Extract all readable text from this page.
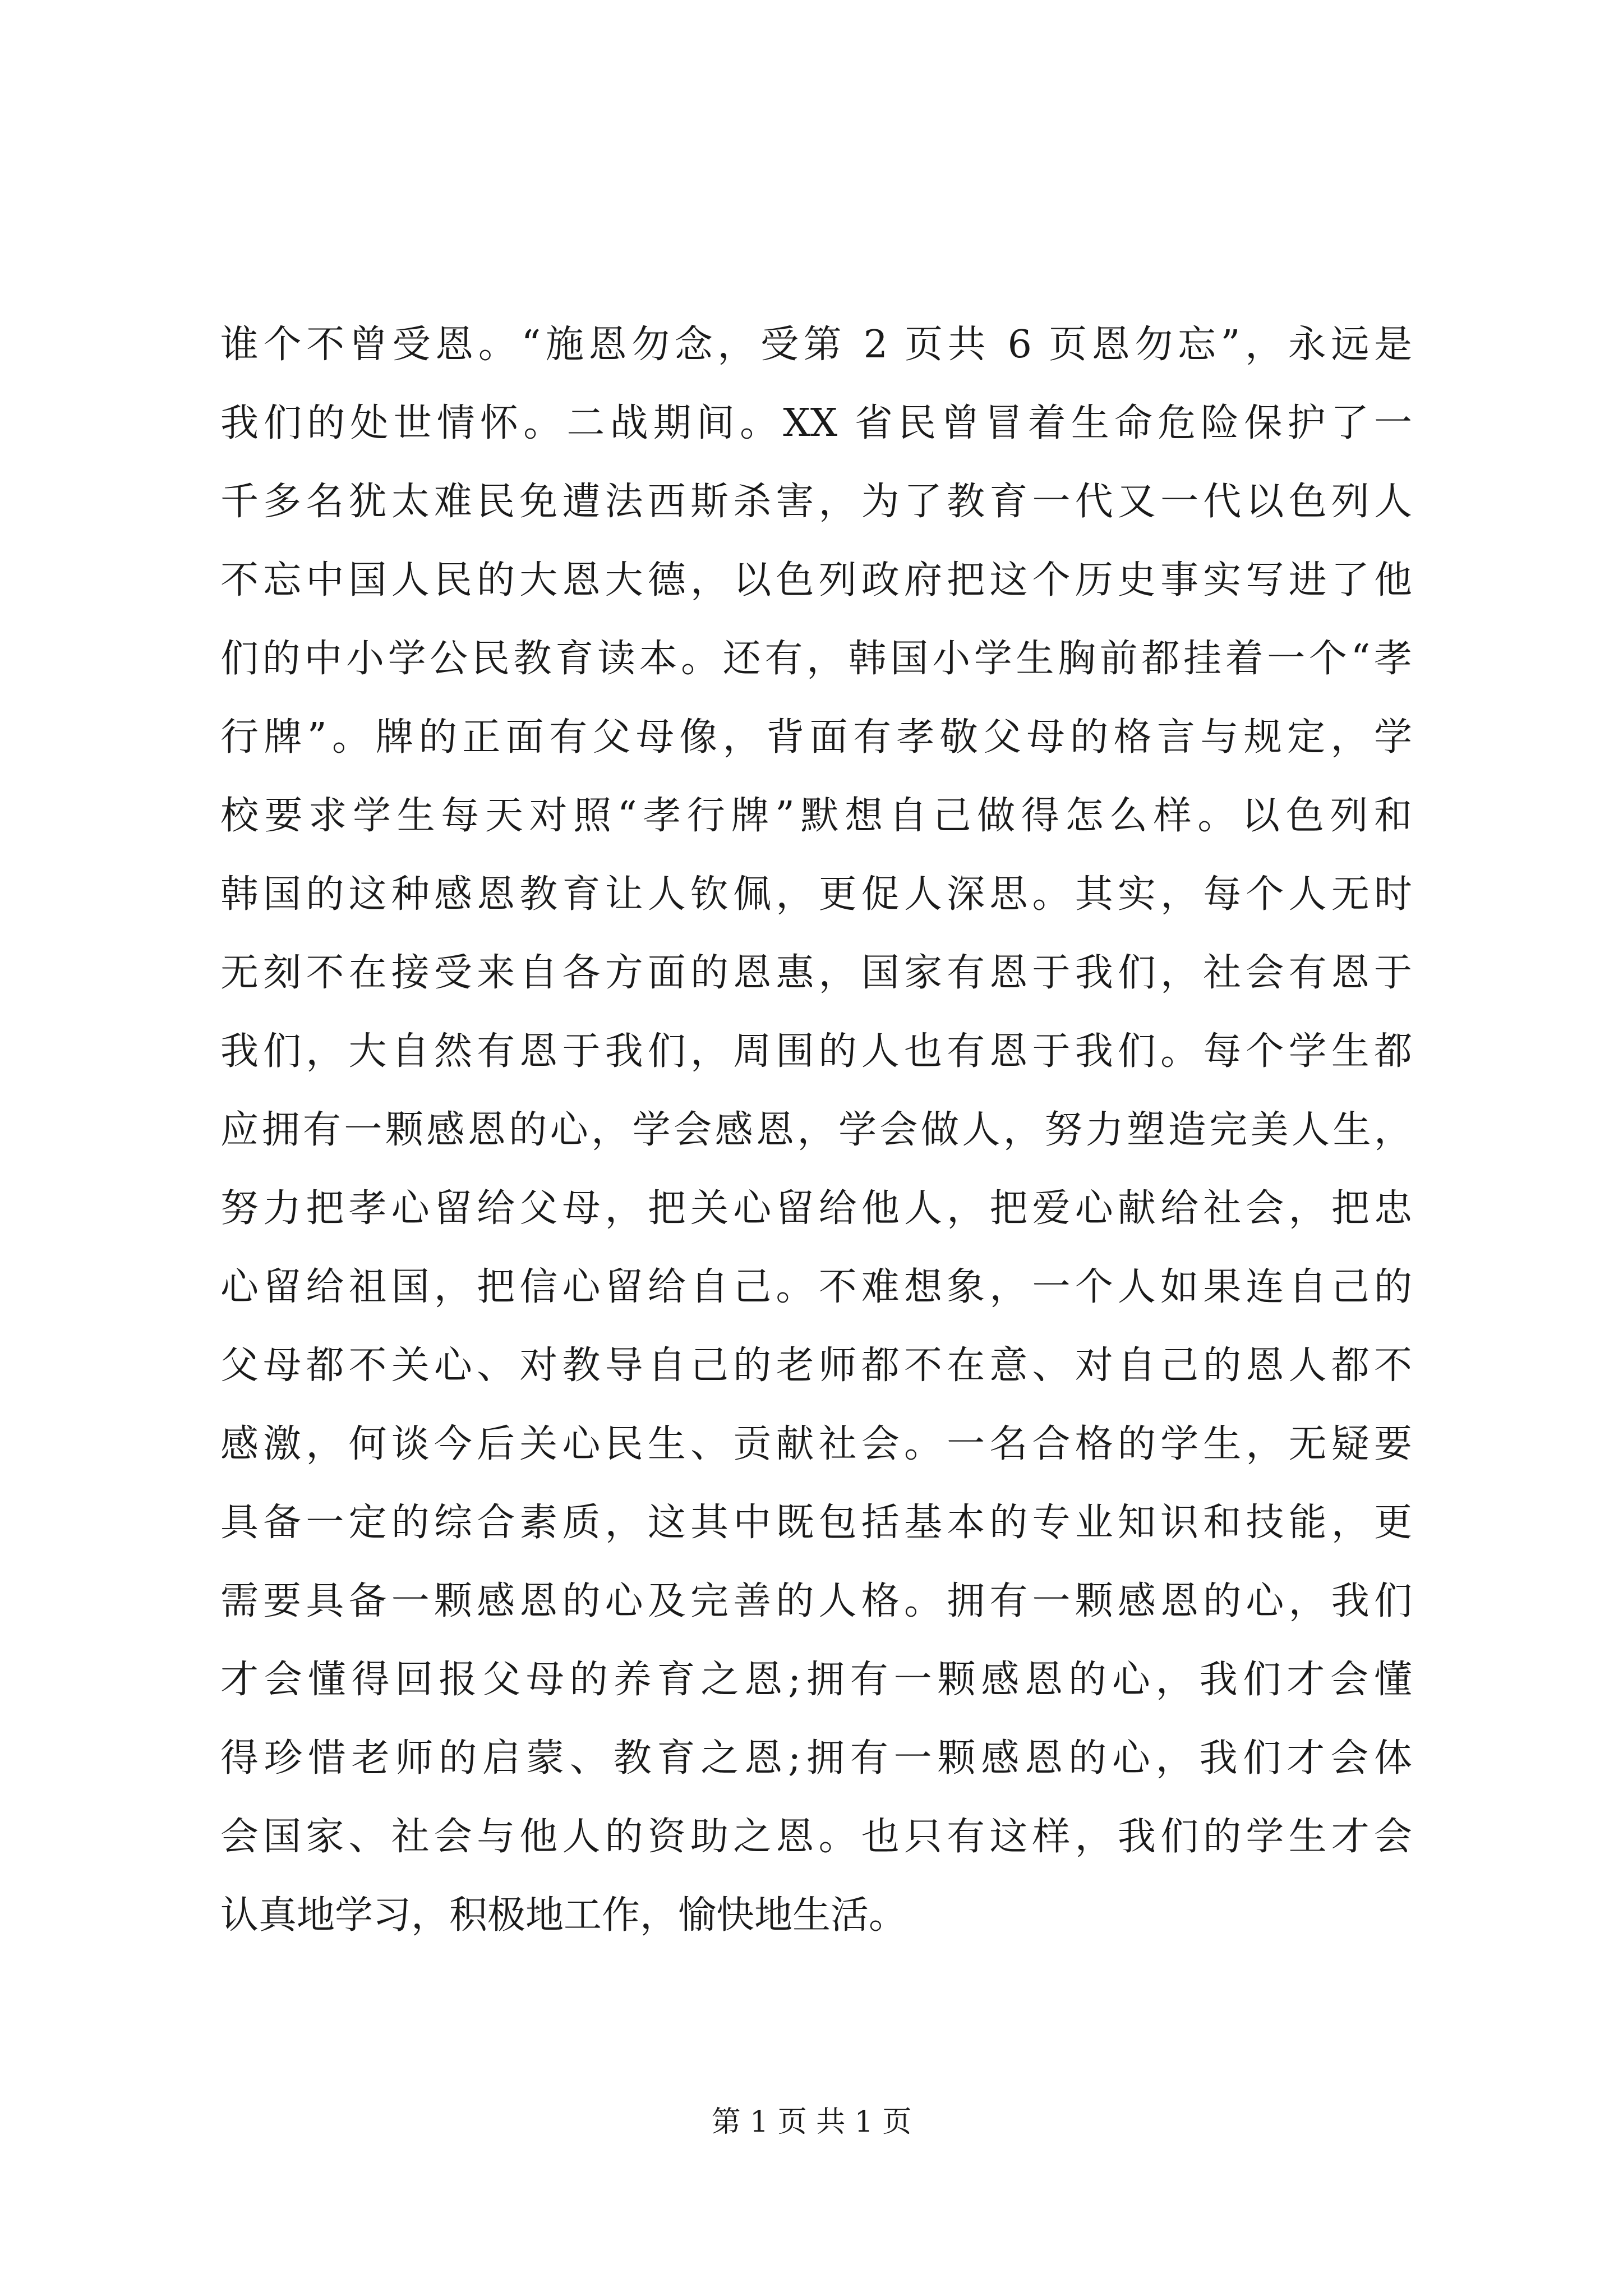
谁个不曾受恩。“施恩勿念，受第 2 页共 6 页恩勿忘”，永远是
我们的处世情怀。二战期间。XX 省民曾冒着生命危险保护了一
千多名犹太难民免遭法西斯杀害，为了教育一代又一代以色列人
不忘中国人民的大恩大德，以色列政府把这个历史事实写进了他
们的中小学公民教育读本。还有，韩国小学生胸前都挂着一个“孝
行牌”。牌的正面有父母像，背面有孝敬父母的格言与规定，学
校要求学生每天对照“孝行牌”默想自己做得怎么样。以色列和
韩国的这种感恩教育让人钦佩，更促人深思。其实，每个人无时
无刻不在接受来自各方面的恩惠，国家有恩于我们，社会有恩于
我们，大自然有恩于我们，周围的人也有恩于我们。每个学生都
应拥有一颗感恩的心，学会感恩，学会做人，努力塑造完美人生，
努力把孝心留给父母，把关心留给他人，把爱心献给社会，把忠
心留给祖国，把信心留给自己。不难想象，一个人如果连自己的
父母都不关心、对教导自己的老师都不在意、对自己的恩人都不
感激，何谈今后关心民生、贡献社会。一名合格的学生，无疑要
具备一定的综合素质，这其中既包括基本的专业知识和技能，更
需要具备一颗感恩的心及完善的人格。拥有一颗感恩的心，我们
才会懂得回报父母的养育之恩;拥有一颗感恩的心，我们才会懂
得珍惜老师的启蒙、教育之恩;拥有一颗感恩的心，我们才会体
会国家、社会与他人的资助之恩。也只有这样，我们的学生才会
认真地学习，积极地工作，愉快地生活。
第 1 页 共 1 页
